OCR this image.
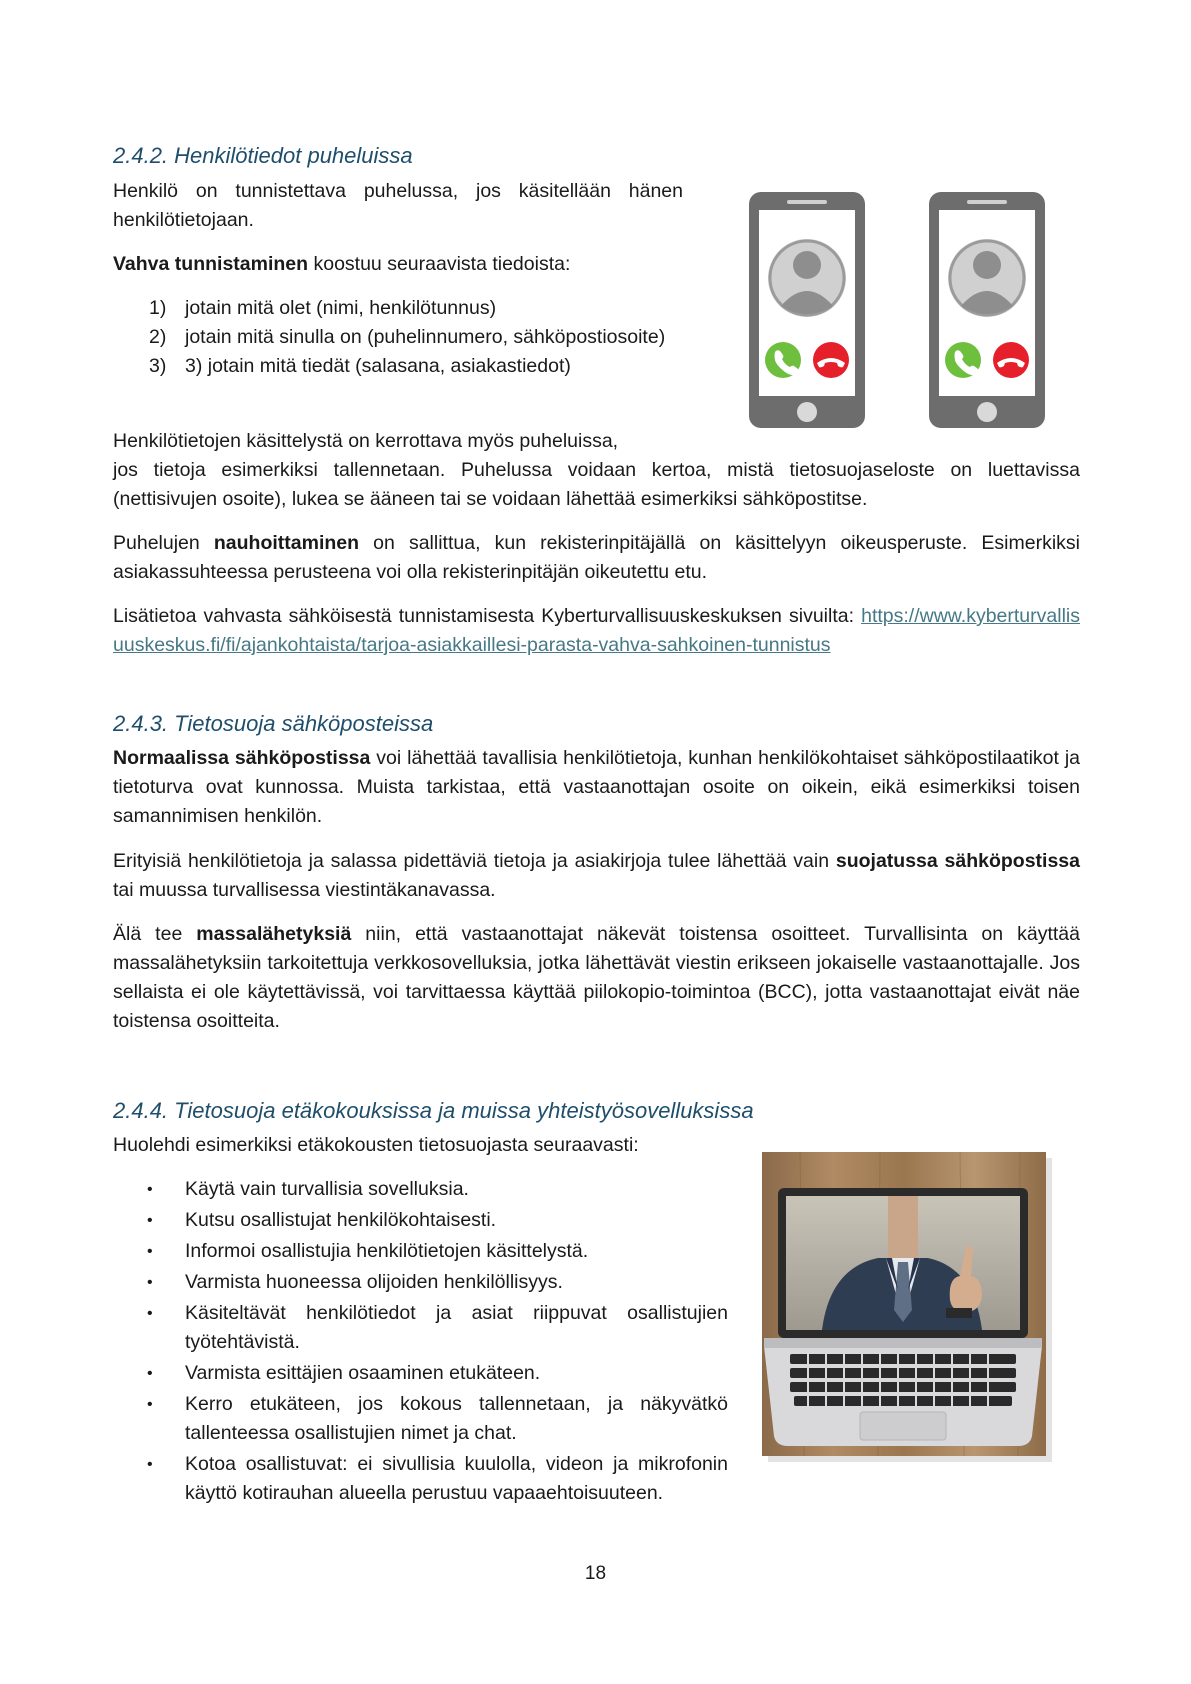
2.4.2. Henkilötiedot puheluissa

Henkilö on tunnistettava puhelussa, jos käsitellään hänen henkilötietojaan.

Vahva tunnistaminen koostuu seuraavista tiedoista:

1) jotain mitä olet (nimi, henkilötunnus)
2) jotain mitä sinulla on (puhelinnumero, sähköpostiosoite)
3) 3) jotain mitä tiedät (salasana, asiakastiedot)

Henkilötietojen käsittelystä on kerrottava myös puheluissa,

jos tietoja esimerkiksi tallennetaan. Puhelussa voidaan kertoa, mistä tietosuojaseloste on luettavissa (nettisivujen osoite), lukea se ääneen tai se voidaan lähettää esimerkiksi sähköpostitse.

Puhelujen nauhoittaminen on sallittua, kun rekisterinpitäjällä on käsittelyyn oikeusperuste. Esimerkiksi asiakassuhteessa perusteena voi olla rekisterinpitäjän oikeutettu etu.

Lisätietoa vahvasta sähköisestä tunnistamisesta Kyberturvallisuuskeskuksen sivuilta: https://www.kyberturvallisuuskeskus.fi/fi/ajankohtaista/tarjoa-asiakkaillesi-parasta-vahva-sahkoinen-tunnistus

2.4.3. Tietosuoja sähköposteissa

Normaalissa sähköpostissa voi lähettää tavallisia henkilötietoja, kunhan henkilökohtaiset sähköpostilaatikot ja tietoturva ovat kunnossa. Muista tarkistaa, että vastaanottajan osoite on oikein, eikä esimerkiksi toisen samannimisen henkilön.

Erityisiä henkilötietoja ja salassa pidettäviä tietoja ja asiakirjoja tulee lähettää vain suojatussa sähköpostissa tai muussa turvallisessa viestintäkanavassa.

Älä tee massalähetyksiä niin, että vastaanottajat näkevät toistensa osoitteet. Turvallisinta on käyttää massalähetyksiin tarkoitettuja verkkosovelluksia, jotka lähettävät viestin erikseen jokaiselle vastaanottajalle. Jos sellaista ei ole käytettävissä, voi tarvittaessa käyttää piilokopio-toimintoa (BCC), jotta vastaanottajat eivät näe toistensa osoitteita.

2.4.4. Tietosuoja etäkokouksissa ja muissa yhteistyösovelluksissa

Huolehdi esimerkiksi etäkokousten tietosuojasta seuraavasti:

• Käytä vain turvallisia sovelluksia.
• Kutsu osallistujat henkilökohtaisesti.
• Informoi osallistujia henkilötietojen käsittelystä.
• Varmista huoneessa olijoiden henkilöllisyys.
• Käsiteltävät henkilötiedot ja asiat riippuvat osallistujien työtehtävistä.
• Varmista esittäjien osaaminen etukäteen.
• Kerro etukäteen, jos kokous tallennetaan, ja näkyvätkö tallenteessa osallistujien nimet ja chat.
• Kotoa osallistuvat: ei sivullisia kuulolla, videon ja mikrofonin käyttö kotirauhan alueella perustuu vapaaehtoisuuteen.
18
